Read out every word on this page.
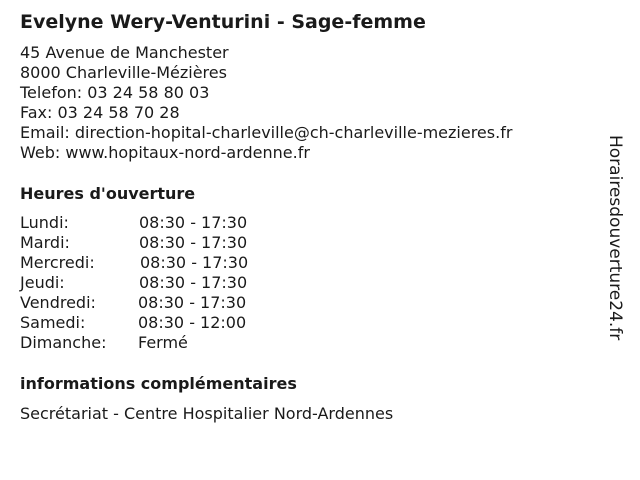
Evelyne Wery-Venturini - Sage-femme
45 Avenue de Manchester
8000 Charleville-Mézières
Telefon: 03 24 58 80 03
Fax: 03 24 58 70 28
Email: direction-hopital-charleville@ch-charleville-mezieres.fr
Web: www.hopitaux-nord-ardenne.fr
Heures d'ouverture
Lundi:	08:30 - 17:30
Mardi:	08:30 - 17:30
Mercredi:	08:30 - 17:30
Jeudi:	08:30 - 17:30
Vendredi:	08:30 - 17:30
Samedi:	08:30 - 12:00
Dimanche: Fermé
informations complémentaires
Secrétariat - Centre Hospitalier Nord-Ardennes
Horairesdouverture24.fr
